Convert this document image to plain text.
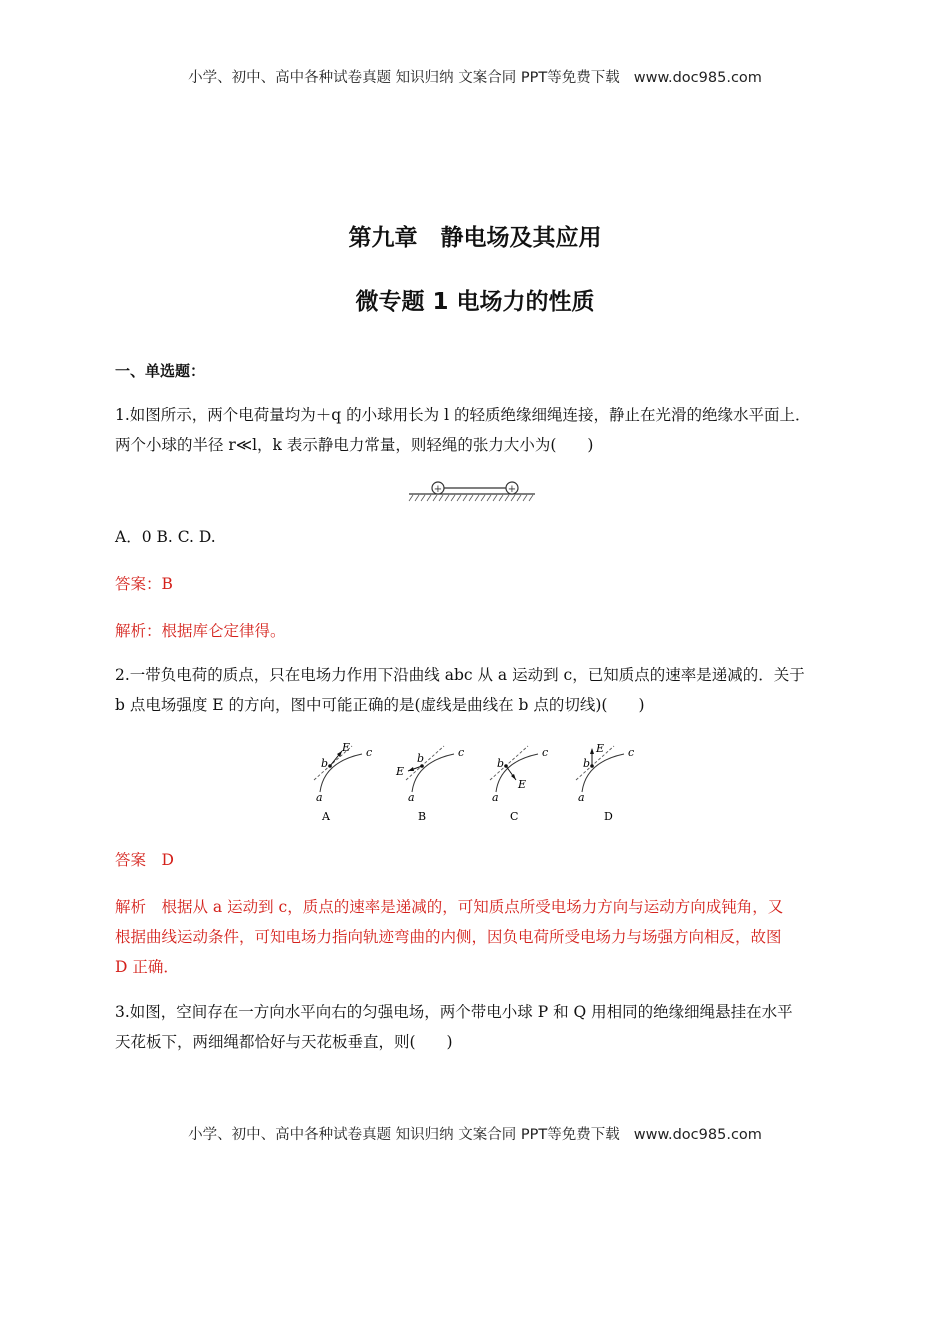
小学、初中、高中各种试卷真题 知识归纳 文案合同 PPT等免费下载 www.doc985.com
第九章　静电场及其应用
微专题 1 电场力的性质
一、单选题：
1.如图所示，两个电荷量均为＋q 的小球用长为 l 的轻质绝缘细绳连接，静止在光滑的绝缘水平面上．
两个小球的半径 r≪l，k 表示静电力常量，则轻绳的张力大小为(　　)
+	+
A．0 B. C. D.
答案：B
解析：根据库仑定律得。
2.一带负电荷的质点，只在电场力作用下沿曲线 abc 从 a 运动到 c，已知质点的速率是递减的．关于
b 点电场强度 E 的方向，图中可能正确的是(虚线是曲线在 b 点的切线)(　　)
E
b
c
a
A
E
b	c
a
B
E
b
c
a
C
E
b
c
a
D
答案　D
解析　根据从 a 运动到 c，质点的速率是递减的，可知质点所受电场力方向与运动方向成钝角，又
根据曲线运动条件，可知电场力指向轨迹弯曲的内侧，因负电荷所受电场力与场强方向相反，故图
D 正确．
3.如图，空间存在一方向水平向右的匀强电场，两个带电小球 P 和 Q 用相同的绝缘细绳悬挂在水平
天花板下，两细绳都恰好与天花板垂直，则(　　)
小学、初中、高中各种试卷真题 知识归纳 文案合同 PPT等免费下载 www.doc985.com
